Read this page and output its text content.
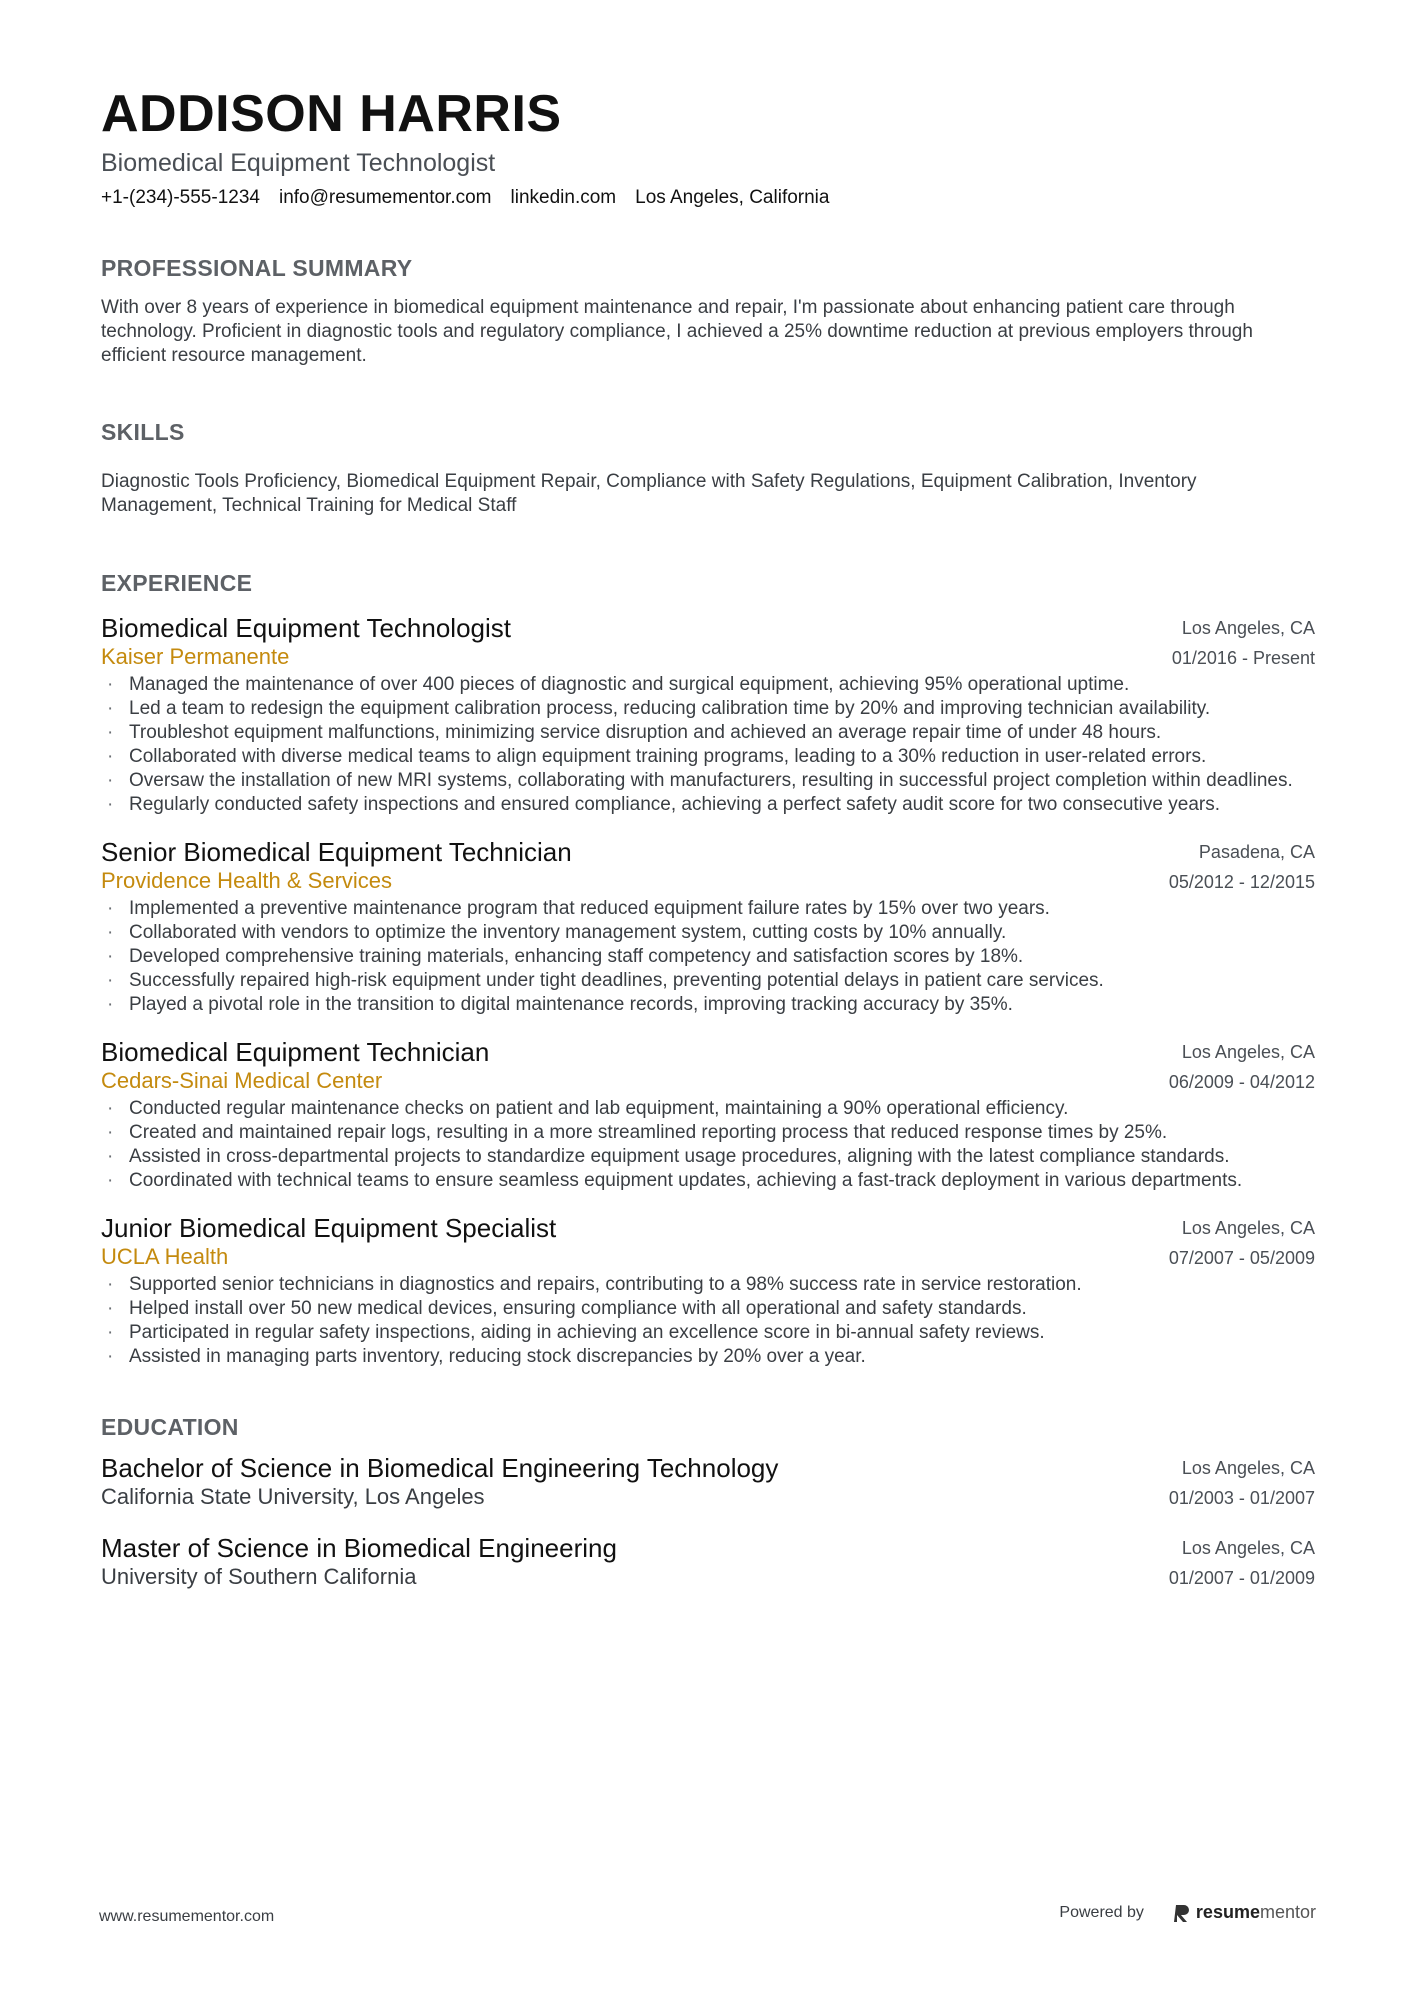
ADDISON HARRIS
Biomedical Equipment Technologist
+1-(234)-555-1234 info@resumementor.com linkedin.com Los Angeles, California
PROFESSIONAL SUMMARY
With over 8 years of experience in biomedical equipment maintenance and repair, I'm passionate about enhancing patient care through technology. Proficient in diagnostic tools and regulatory compliance, I achieved a 25% downtime reduction at previous employers through efficient resource management.
SKILLS
Diagnostic Tools Proficiency, Biomedical Equipment Repair, Compliance with Safety Regulations, Equipment Calibration, Inventory Management, Technical Training for Medical Staff
EXPERIENCE
Biomedical Equipment Technologist
Kaiser Permanente
Los Angeles, CA
01/2016 - Present
· Managed the maintenance of over 400 pieces of diagnostic and surgical equipment, achieving 95% operational uptime.
· Led a team to redesign the equipment calibration process, reducing calibration time by 20% and improving technician availability.
· Troubleshot equipment malfunctions, minimizing service disruption and achieved an average repair time of under 48 hours.
· Collaborated with diverse medical teams to align equipment training programs, leading to a 30% reduction in user-related errors.
· Oversaw the installation of new MRI systems, collaborating with manufacturers, resulting in successful project completion within deadlines.
· Regularly conducted safety inspections and ensured compliance, achieving a perfect safety audit score for two consecutive years.
Senior Biomedical Equipment Technician
Providence Health & Services
Pasadena, CA
05/2012 - 12/2015
· Implemented a preventive maintenance program that reduced equipment failure rates by 15% over two years.
· Collaborated with vendors to optimize the inventory management system, cutting costs by 10% annually.
· Developed comprehensive training materials, enhancing staff competency and satisfaction scores by 18%.
· Successfully repaired high-risk equipment under tight deadlines, preventing potential delays in patient care services.
· Played a pivotal role in the transition to digital maintenance records, improving tracking accuracy by 35%.
Biomedical Equipment Technician
Cedars-Sinai Medical Center
Los Angeles, CA
06/2009 - 04/2012
· Conducted regular maintenance checks on patient and lab equipment, maintaining a 90% operational efficiency.
· Created and maintained repair logs, resulting in a more streamlined reporting process that reduced response times by 25%.
· Assisted in cross-departmental projects to standardize equipment usage procedures, aligning with the latest compliance standards.
· Coordinated with technical teams to ensure seamless equipment updates, achieving a fast-track deployment in various departments.
Junior Biomedical Equipment Specialist
UCLA Health
Los Angeles, CA
07/2007 - 05/2009
· Supported senior technicians in diagnostics and repairs, contributing to a 98% success rate in service restoration.
· Helped install over 50 new medical devices, ensuring compliance with all operational and safety standards.
· Participated in regular safety inspections, aiding in achieving an excellence score in bi-annual safety reviews.
· Assisted in managing parts inventory, reducing stock discrepancies by 20% over a year.
EDUCATION
Bachelor of Science in Biomedical Engineering Technology
California State University, Los Angeles
Los Angeles, CA
01/2003 - 01/2007
Master of Science in Biomedical Engineering
University of Southern California
Los Angeles, CA
01/2007 - 01/2009
www.resumementor.com	Powered by	resumementor
